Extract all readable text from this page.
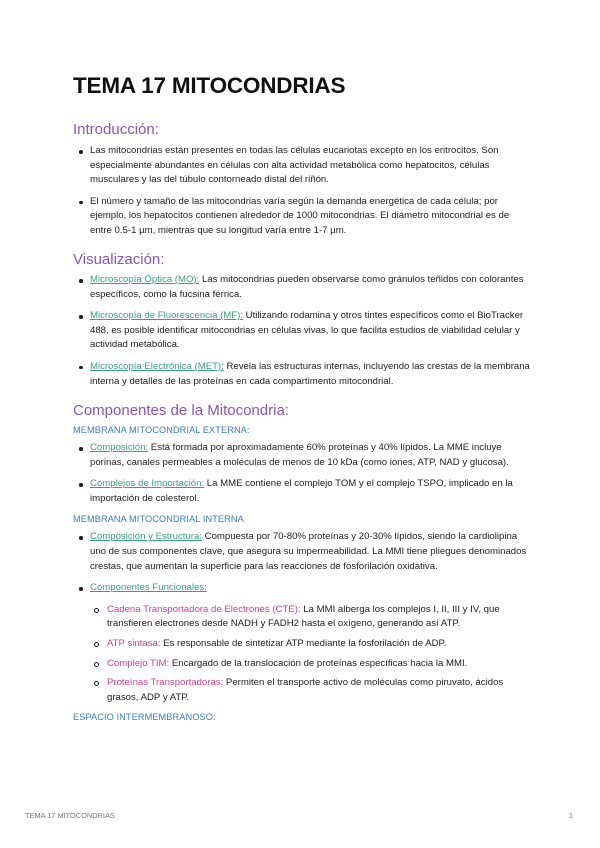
TEMA 17 MITOCONDRIAS
Introducción:
Las mitocondrias están presentes en todas las células eucariotas excepto en los eritrocitos. Son especialmente abundantes en células con alta actividad metabólica como hepatocitos, células musculares y las del túbulo contorneado distal del riñón.
El número y tamaño de las mitocondrias varía según la demanda energética de cada célula; por ejemplo, los hepatocitos contienen alrededor de 1000 mitocondrias. El diámetro mitocondrial es de entre 0.5-1 µm, mientras que su longitud varía entre 1-7 µm.
Visualización:
Microscopía Óptica (MO): Las mitocondrias pueden observarse como gránulos teñidos con colorantes específicos, como la fucsina férrica.
Microscopía de Fluorescencia (MF): Utilizando rodamina y otros tintes específicos como el BioTracker 488, es posible identificar mitocondrias en células vivas, lo que facilita estudios de viabilidad celular y actividad metabólica.
Microscopía Electrónica (MET): Revela las estructuras internas, incluyendo las crestas de la membrana interna y detalles de las proteínas en cada compartimento mitocondrial.
Componentes de la Mitocondria:

MEMBRANA MITOCONDRIAL EXTERNA:

Composición: Está formada por aproximadamente 60% proteínas y 40% lípidos. La MME incluye porinas, canales permeables a moléculas de menos de 10 kDa (como iones, ATP, NAD y glucosa).
Complejos de Importación: La MME contiene el complejo TOM y el complejo TSPO, implicado en la importación de colesterol.

MEMBRANA MITOCONDRIAL INTERNA

Composición y Estructura: Compuesta por 70-80% proteínas y 20-30% lípidos, siendo la cardiolipina uno de sus componentes clave, que asegura su impermeabilidad. La MMI tiene pliegues denominados crestas, que aumentan la superficie para las reacciones de fosforilación oxidativa.
Componentes Funcionales:
Cadena Transportadora de Electrones (CTE): La MMI alberga los complejos I, II, III y IV, que transfieren electrones desde NADH y FADH2 hasta el oxígeno, generando así ATP.
ATP sintasa: Es responsable de sintetizar ATP mediante la fosforilación de ADP.
Complejo TIM: Encargado de la translocación de proteínas específicas hacia la MMI.
Proteínas Transportadoras: Permiten el transporte activo de moléculas como piruvato, ácidos grasos, ADP y ATP.

ESPACIO INTERMEMBRANOSO:

TEMA 17 MITOCONDRIAS	1
